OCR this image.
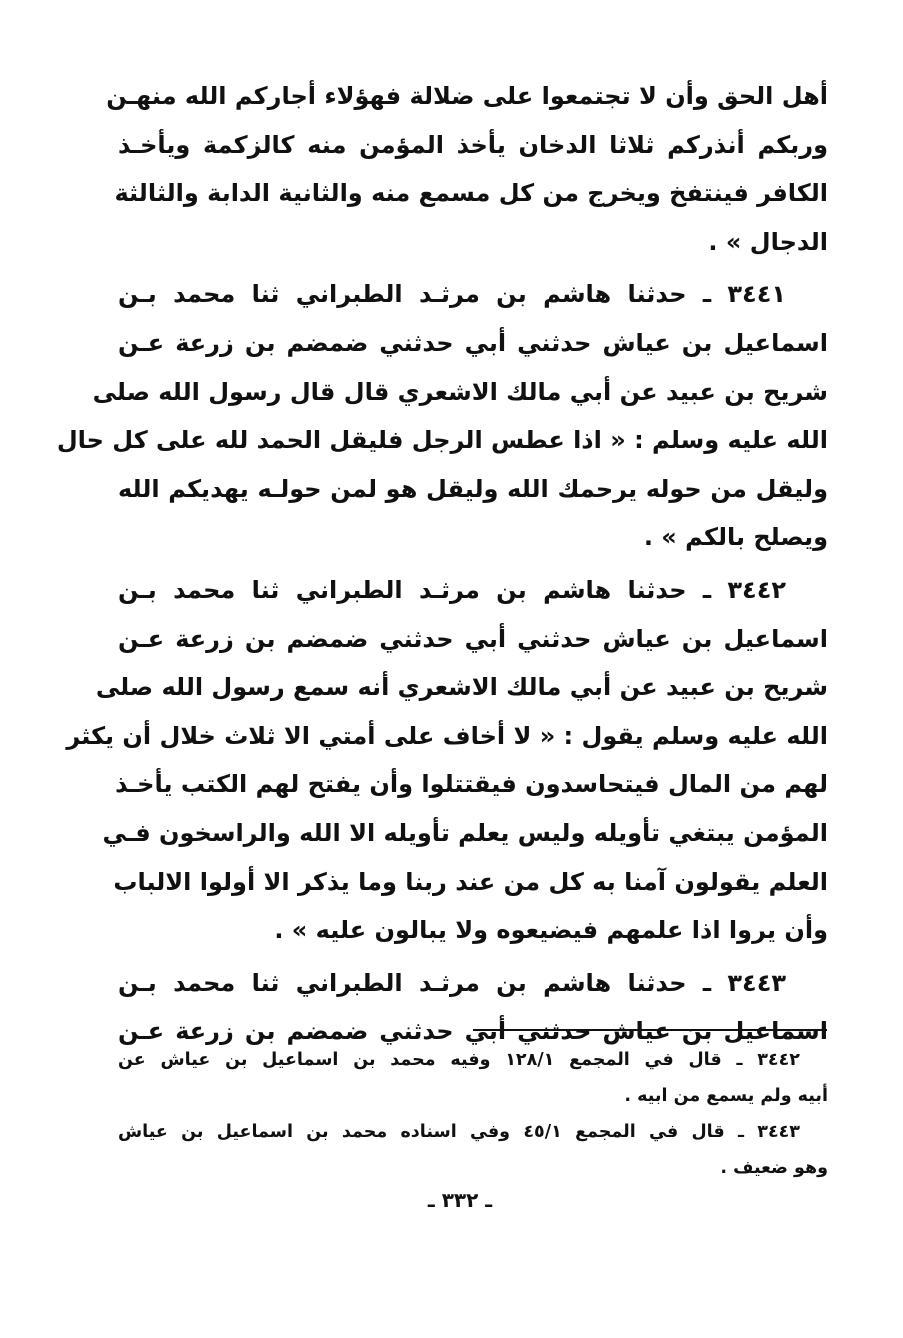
أهل الحق وأن لا تجتمعوا على ضلالة فهؤلاء أجاركم الله منهـن
وربكم أنذركم ثلاثا الدخان يأخذ المؤمن منه كالزكمة ويأخـذ
الكافر فينتفخ ويخرج من كل مسمع منه والثانية الدابة والثالثة
الدجال » .
٣٤٤١ ـ حدثنا هاشم بن مرثـد الطبراني ثنا محمد بـن
اسماعيل بن عياش حدثني أبي حدثني ضمضم بن زرعة عـن
شريح بن عبيد عن أبي مالك الاشعري قال قال رسول الله صلى
الله عليه وسلم : « اذا عطس الرجل فليقل الحمد لله على كل حال
وليقل من حوله يرحمك الله وليقل هو لمن حولـه يهديكم الله
ويصلح بالكم » .
٣٤٤٢ ـ حدثنا هاشم بن مرثـد الطبراني ثنا محمد بـن
اسماعيل بن عياش حدثني أبي حدثني ضمضم بن زرعة عـن
شريح بن عبيد عن أبي مالك الاشعري أنه سمع رسول الله صلى
الله عليه وسلم يقول : « لا أخاف على أمتي الا ثلاث خلال أن يكثر
لهم من المال فيتحاسدون فيقتتلوا وأن يفتح لهم الكتب يأخـذ
المؤمن يبتغي تأويله وليس يعلم تأويله الا الله والراسخون فـي
العلم يقولون آمنا به كل من عند ربنا وما يذكر الا أولوا الالباب
وأن يروا اذا علمهم فيضيعوه ولا يبالون عليه » .
٣٤٤٣ ـ حدثنا هاشم بن مرثـد الطبراني ثنا محمد بـن
اسماعيل بن عياش حدثني أبي حدثني ضمضم بن زرعة عـن
٣٤٤٢ ـ قال في المجمع ١٢٨/١ وفيه محمد بن اسماعيل بن عياش عن
أبيه ولم يسمع من ابيه .
٣٤٤٣ ـ قال في المجمع ٤٥/١ وفي اسناده محمد بن اسماعيل بن عياش
وهو ضعيف .
ـ ٣٣٢ ـ
